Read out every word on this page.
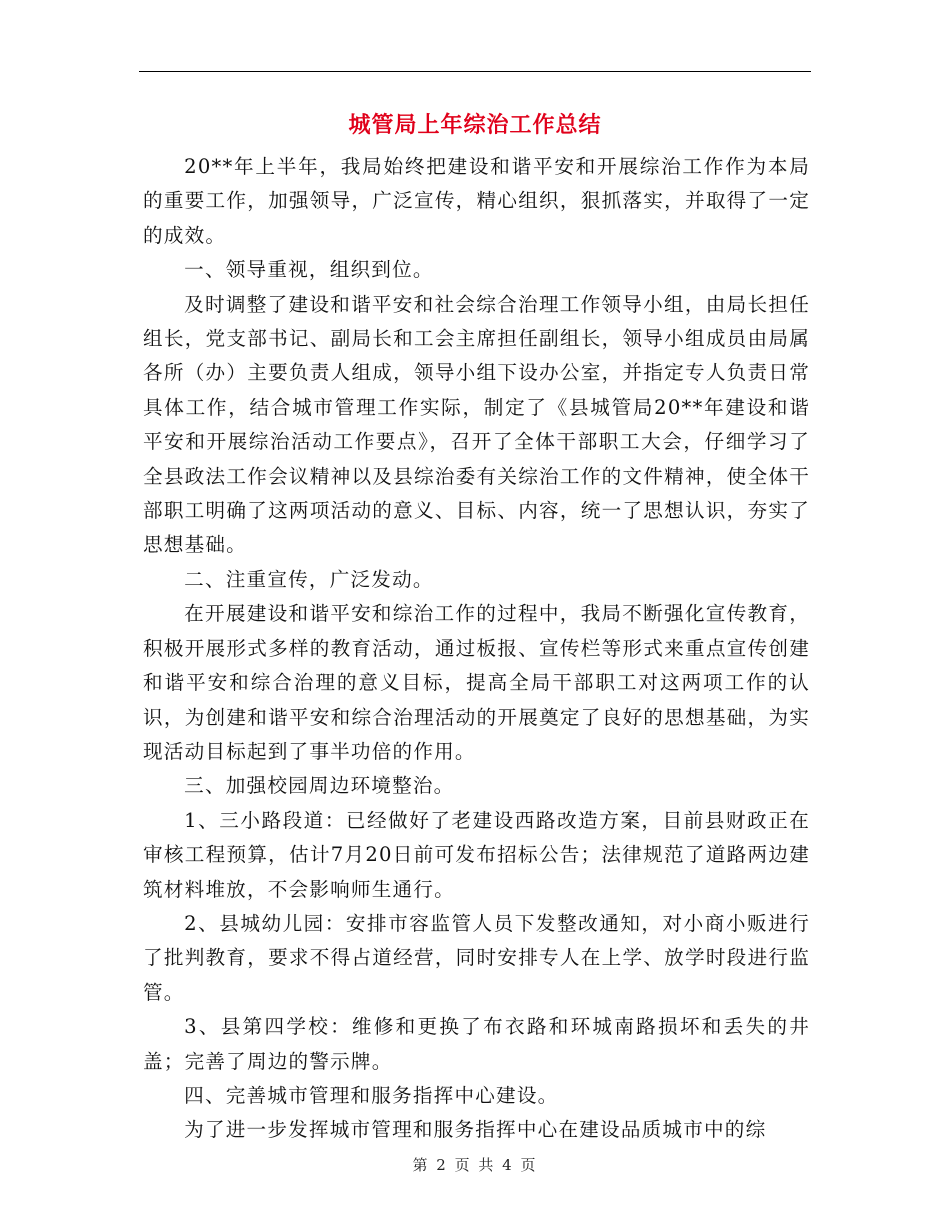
城管局上年综治工作总结

20**年上半年，我局始终把建设和谐平安和开展综治工作作为本局的重要工作，加强领导，广泛宣传，精心组织，狠抓落实，并取得了一定的成效。

一、领导重视，组织到位。

及时调整了建设和谐平安和社会综合治理工作领导小组，由局长担任组长，党支部书记、副局长和工会主席担任副组长，领导小组成员由局属各所（办）主要负责人组成，领导小组下设办公室，并指定专人负责日常具体工作，结合城市管理工作实际，制定了《县城管局20**年建设和谐平安和开展综治活动工作要点》，召开了全体干部职工大会，仔细学习了全县政法工作会议精神以及县综治委有关综治工作的文件精神，使全体干部职工明确了这两项活动的意义、目标、内容，统一了思想认识，夯实了思想基础。

二、注重宣传，广泛发动。

在开展建设和谐平安和综治工作的过程中，我局不断强化宣传教育，积极开展形式多样的教育活动，通过板报、宣传栏等形式来重点宣传创建和谐平安和综合治理的意义目标，提高全局干部职工对这两项工作的认识，为创建和谐平安和综合治理活动的开展奠定了良好的思想基础，为实现活动目标起到了事半功倍的作用。

三、加强校园周边环境整治。

1、三小路段道：已经做好了老建设西路改造方案，目前县财政正在审核工程预算，估计7月20日前可发布招标公告；法律规范了道路两边建筑材料堆放，不会影响师生通行。

2、县城幼儿园：安排市容监管人员下发整改通知，对小商小贩进行了批判教育，要求不得占道经营，同时安排专人在上学、放学时段进行监管。

3、县第四学校：维修和更换了布衣路和环城南路损坏和丢失的井盖；完善了周边的警示牌。

四、完善城市管理和服务指挥中心建设。

为了进一步发挥城市管理和服务指挥中心在建设品质城市中的综

第 2 页 共 4 页
